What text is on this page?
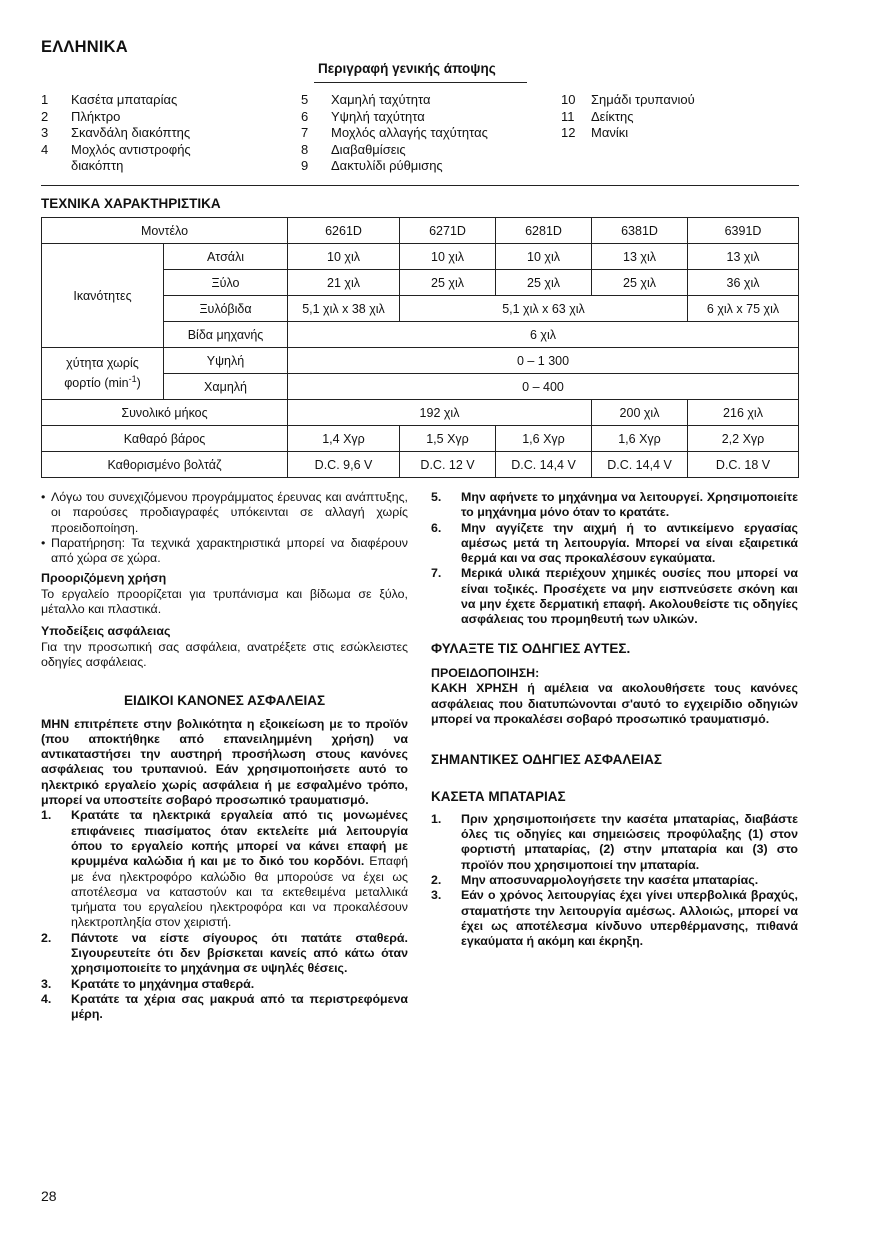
ΕΛΛΗΝΙΚΑ
Περιγραφή γενικής άποψης
1	Κασέτα μπαταρίας
2	Πλήκτρο
3	Σκανδάλη διακόπτης
4	Μοχλός αντιστροφής διακόπτη
5	Χαμηλή ταχύτητα
6	Υψηλή ταχύτητα
7	Μοχλός αλλαγής ταχύτητας
8	Διαβαθμίσεις
9	Δακτυλίδι ρύθμισης
10	Σημάδι τρυπανιού
11	Δείκτης
12	Μανίκι
ΤΕΧΝΙΚΑ ΧΑΡΑΚΤΗΡΙΣΤΙΚΑ
Μοντέλο		6261D	6271D	6281D	6381D	6391D
Ικανότητες	Ατσάλι	10 χιλ	10 χιλ	10 χιλ	13 χιλ	13 χιλ
	Ξύλο	21 χιλ	25 χιλ	25 χιλ	25 χιλ	36 χιλ
	Ξυλόβιδα	5,1 χιλ x 38 χιλ	5,1 χιλ x 63 χιλ			6 χιλ x 75 χιλ
	Βίδα μηχανής	6 χιλ				
χύτητα χωρίς
φορτίο $(\min^{-1})$	Υψηλή	0 – 1 300				
	Χαμηλή	0 – 400				
Συνολικό μήκος		192 χιλ			200 χιλ	216 χιλ
Καθαρό βάρος		1,4 Χγρ	1,5 Χγρ	1,6 Χγρ	1,6 Χγρ	2,2 Χγρ
Καθορισμένο βολτάζ		D.C. 9,6 V	D.C. 12 V	D.C. 14,4 V	D.C. 14,4 V	D.C. 18 V
• Λόγω του συνεχιζόμενου προγράμματος έρευνας και ανάπτυξης, οι παρούσες προδιαγραφές υπόκεινται σε αλλαγή χωρίς προειδοποίηση.
• Παρατήρηση: Τα τεχνικά χαρακτηριστικά μπορεί να διαφέρουν από χώρα σε χώρα.
Προοριζόμενη χρήση

Το εργαλείο προορίζεται για τρυπάνισμα και βίδωμα σε ξύλο, μέταλλο και πλαστικά.

Υποδείξεις ασφάλειας

Για την προσωπική σας ασφάλεια, ανατρέξετε στις εσώκλειστες οδηγίες ασφάλειας.

ΕΙΔΙΚΟΙ ΚΑΝΟΝΕΣ ΑΣΦΑΛΕΙΑΣ

ΜΗΝ επιτρέπετε στην βολικότητα η εξοικείωση με το προϊόν (που αποκτήθηκε από επανειλημμένη χρήση) να αντικαταστήσει την αυστηρή προσήλωση στους κανόνες ασφάλειας του τρυπανιού. Εάν χρησιμοποιήσετε αυτό το ηλεκτρικό εργαλείο χωρίς ασφάλεια ή με εσφαλμένο τρόπο, μπορεί να υποστείτε σοβαρό προσωπικό τραυματισμό.

1.	Κρατάτε τα ηλεκτρικά εργαλεία από τις μονωμένες επιφάνειες πιασίματος όταν εκτελείτε μιά λειτουργία όπου το εργαλείο κοπής μπορεί να κάνει επαφή με κρυμμένα καλώδια ή και με το δικό του κορδόνι. Επαφή με ένα ηλεκτροφόρο καλώδιο θα μπορούσε να έχει ως αποτέλεσμα να καταστούν και τα εκτεθειμένα μεταλλικά τμήματα του εργαλείου ηλεκτροφόρα και να προκαλέσουν ηλεκτροπληξία στον χειριστή.
2.	Πάντοτε να είστε σίγουρος ότι πατάτε σταθερά. Σιγουρευτείτε ότι δεν βρίσκεται κανείς από κάτω όταν χρησιμοποιείτε το μηχάνημα σε υψηλές θέσεις.
3.	Κρατάτε το μηχάνημα σταθερά.
4.	Κρατάτε τα χέρια σας μακρυά από τα περιστρεφόμενα μέρη.
5.	Μην αφήνετε το μηχάνημα να λειτουργεί. Χρησιμοποιείτε το μηχάνημα μόνο όταν το κρατάτε.
6.	Μην αγγίζετε την αιχμή ή το αντικείμενο εργασίας αμέσως μετά τη λειτουργία. Μπορεί να είναι εξαιρετικά θερμά και να σας προκαλέσουν εγκαύματα.
7.	Μερικά υλικά περιέχουν χημικές ουσίες που μπορεί να είναι τοξικές. Προσέχετε να μην εισπνεύσετε σκόνη και να μην έχετε δερματική επαφή. Ακολουθείστε τις οδηγίες ασφάλειας του προμηθευτή των υλικών.
ΦΥΛΑΞΤΕ ΤΙΣ ΟΔΗΓΙΕΣ ΑΥΤΕΣ.
ΠΡΟΕΙΔΟΠΟΙΗΣΗ:

ΚΑΚΗ ΧΡΗΣΗ ή αμέλεια να ακολουθήσετε τους κανόνες ασφάλειας που διατυπώνονται σ'αυτό το εγχειρίδιο οδηγιών μπορεί να προκαλέσει σοβαρό προσωπικό τραυματισμό.

ΣΗΜΑΝΤΙΚΕΣ ΟΔΗΓΙΕΣ ΑΣΦΑΛΕΙΑΣ
ΚΑΣΕΤΑ ΜΠΑΤΑΡΙΑΣ
1.	Πριν χρησιμοποιήσετε την κασέτα μπαταρίας, διαβάστε όλες τις οδηγίες και σημειώσεις προφύλαξης (1) στον φορτιστή μπαταρίας, (2) στην μπαταρία και (3) στο προϊόν που χρησιμοποιεί την μπαταρία.
2.	Μην αποσυναρμολογήσετε την κασέτα μπαταρίας.
3.	Εάν ο χρόνος λειτουργίας έχει γίνει υπερβολικά βραχύς, σταματήστε την λειτουργία αμέσως. Αλλοιώς, μπορεί να έχει ως αποτέλεσμα κίνδυνο υπερθέρμανσης, πιθανά εγκαύματα ή ακόμη και έκρηξη.
28
